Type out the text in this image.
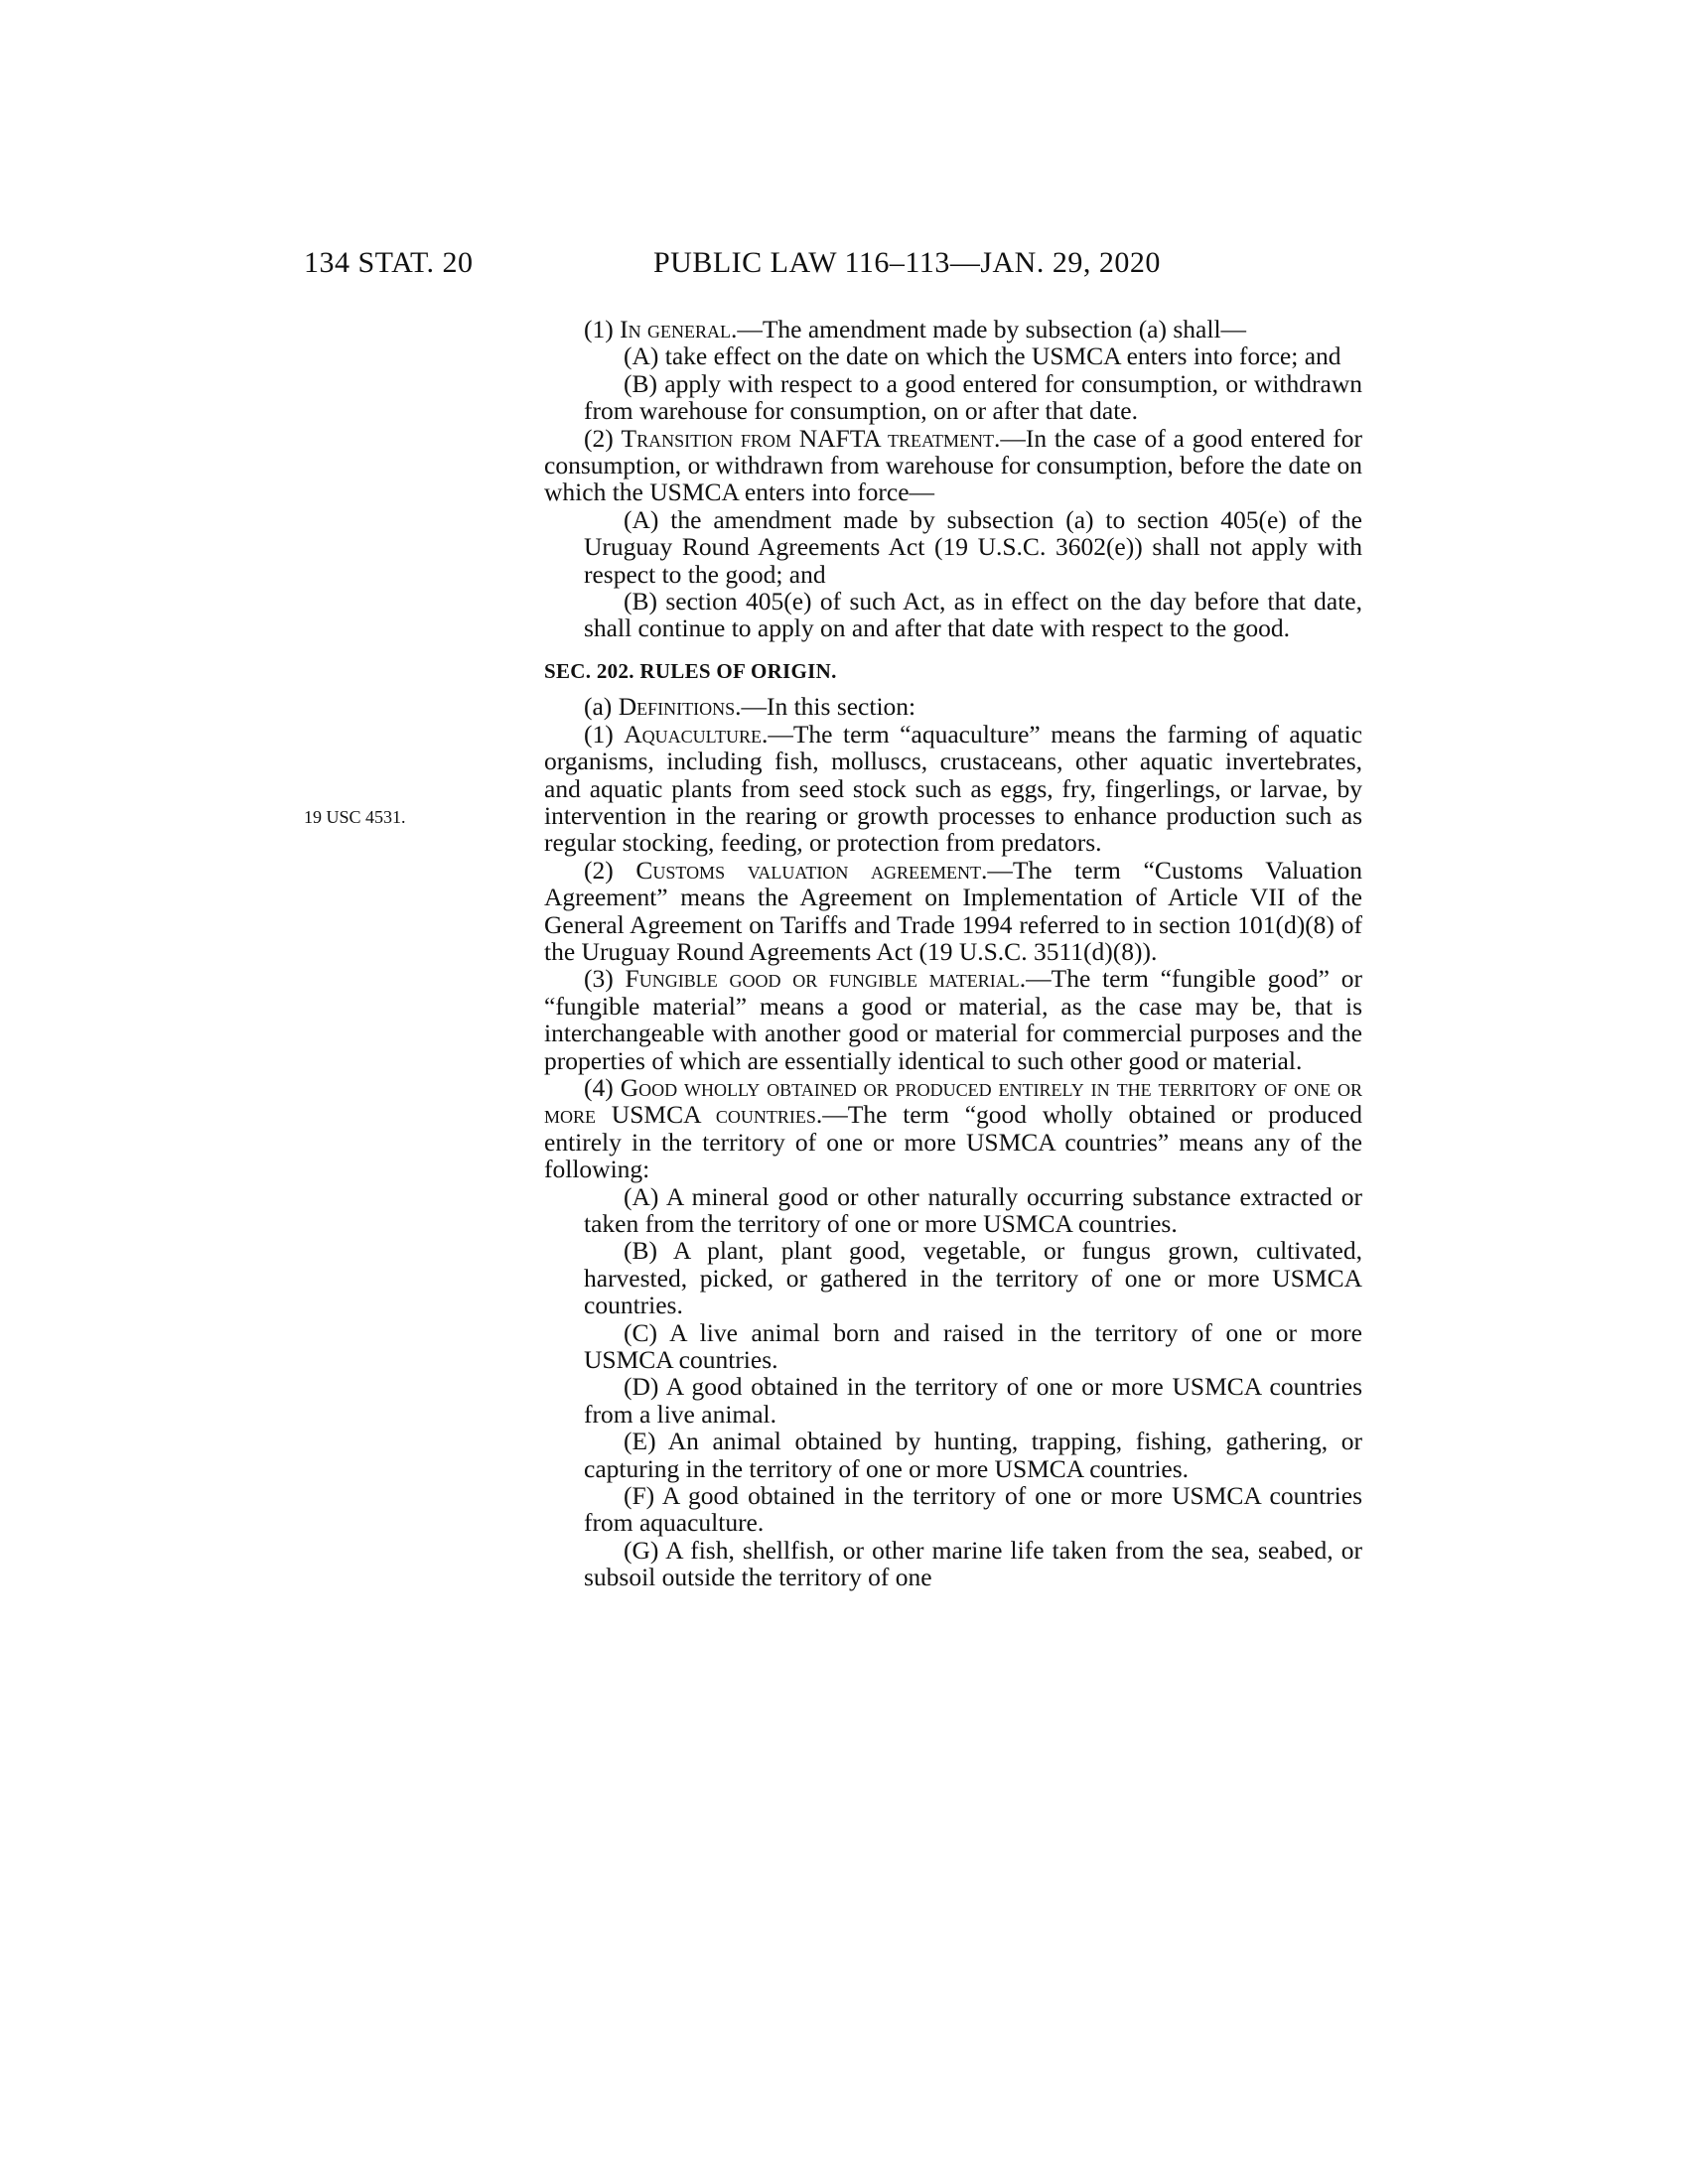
134 STAT. 20	PUBLIC LAW 116–113—JAN. 29, 2020
19 USC 4531.

(1) In general.—The amendment made by subsection (a) shall—

(A) take effect on the date on which the USMCA enters into force; and

(B) apply with respect to a good entered for consumption, or withdrawn from warehouse for consumption, on or after that date.

(2) Transition from NAFTA treatment.—In the case of a good entered for consumption, or withdrawn from warehouse for consumption, before the date on which the USMCA enters into force—

(A) the amendment made by subsection (a) to section 405(e) of the Uruguay Round Agreements Act (19 U.S.C. 3602(e)) shall not apply with respect to the good; and

(B) section 405(e) of such Act, as in effect on the day before that date, shall continue to apply on and after that date with respect to the good.

SEC. 202. RULES OF ORIGIN.

(a) Definitions.—In this section:

(1) Aquaculture.—The term “aquaculture” means the farming of aquatic organisms, including fish, molluscs, crustaceans, other aquatic invertebrates, and aquatic plants from seed stock such as eggs, fry, fingerlings, or larvae, by intervention in the rearing or growth processes to enhance production such as regular stocking, feeding, or protection from predators.

(2) Customs valuation agreement.—The term “Customs Valuation Agreement” means the Agreement on Implementation of Article VII of the General Agreement on Tariffs and Trade 1994 referred to in section 101(d)(8) of the Uruguay Round Agreements Act (19 U.S.C. 3511(d)(8)).

(3) Fungible good or fungible material.—The term “fungible good” or “fungible material” means a good or material, as the case may be, that is interchangeable with another good or material for commercial purposes and the properties of which are essentially identical to such other good or material.

(4) Good wholly obtained or produced entirely in the territory of one or more USMCA countries.—The term “good wholly obtained or produced entirely in the territory of one or more USMCA countries” means any of the following:

(A) A mineral good or other naturally occurring substance extracted or taken from the territory of one or more USMCA countries.

(B) A plant, plant good, vegetable, or fungus grown, cultivated, harvested, picked, or gathered in the territory of one or more USMCA countries.

(C) A live animal born and raised in the territory of one or more USMCA countries.

(D) A good obtained in the territory of one or more USMCA countries from a live animal.

(E) An animal obtained by hunting, trapping, fishing, gathering, or capturing in the territory of one or more USMCA countries.

(F) A good obtained in the territory of one or more USMCA countries from aquaculture.

(G) A fish, shellfish, or other marine life taken from the sea, seabed, or subsoil outside the territory of one
